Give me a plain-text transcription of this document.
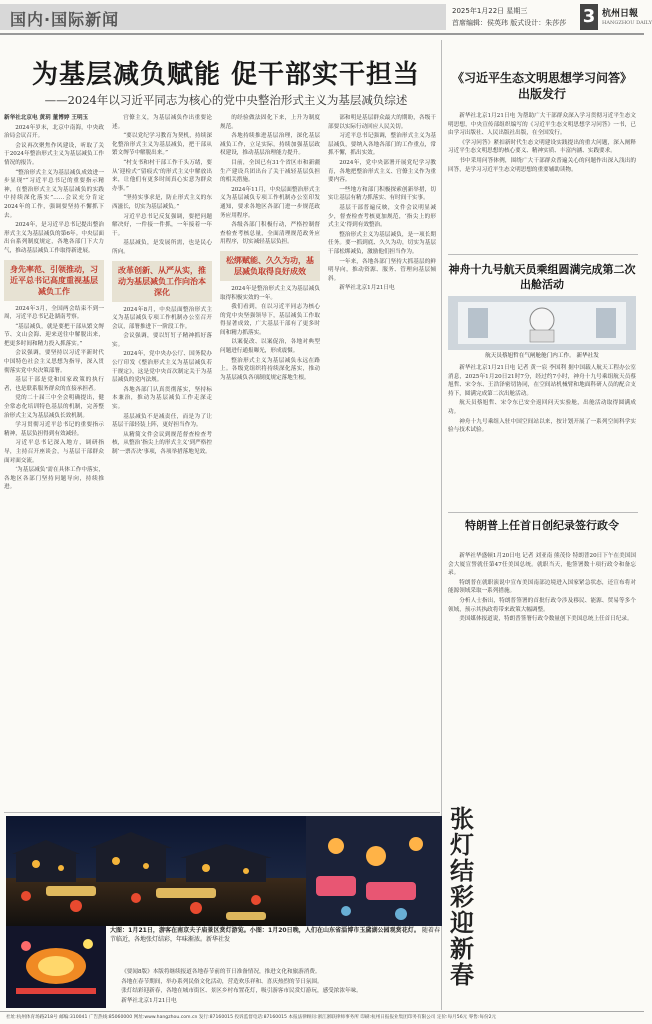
国内·国际新闻	2025年1月22日 星期三
首席编辑：侯英玮 版式设计：朱莎莎 3 杭州日報
HANGZHOU DAILY
为基层减负赋能 促干部实干担当
——2024年以习近平同志为核心的党中央整治形式主义为基层减负综述

新华社北京电 黄玥 董博婷 王明玉

2024年岁末，北京中南海，中央政治局会议召开。

会议再次聚焦作风建设，听取了关于2024年整治形式主义为基层减负工作情况的报告。

“整治形式主义为基层减负成效进一步显现”“习近平总书记的重要指示精神，在整治形式主义为基层减负的实践中持续深化落实”……会议充分肯定2024年的工作，强调要坚持不懈抓下去。

2024年，是习近平总书记提出整治形式主义为基层减负的第6年。中央层面出台系列制度规定，各地各部门下大力气，推动基层减负工作取得新进展。

身先率范、引领推动，习近平总书记高度重视基层减负工作

2024年3月，全国两会结束不到一周，习近平总书记赴湖南考察。

“基层减负，就是要把干部从繁文缛节、文山会海、迎来送往中解脱出来，把更多时间和精力投入抓落实。”

会议强调，要坚持以习近平新时代中国特色社会主义思想为指导，深入贯彻落实党中央决策部署。

基层干部是党和国家政策的执行者，也是联系服务群众的直接承担者。

党的二十届三中全会明确提出，健全常态化培训特色基层的机制，完善整治形式主义为基层减负长效机制。

学习贯彻习近平总书记的重要指示精神，基层负担得到有效减轻。

习近平总书记深入地方，调研指导，主持召开座谈会，与基层干部群众面对面交流。

‘为基层减负’需在具体工作中落实，各地区各部门坚持问题导向，持续推进。

官僚主义，为基层减负作出重要论述。

“要以党纪学习教育为契机，持续深化整治形式主义为基层减负，把干部从繁文缛节中解脱出来。”

“村支书和村干部工作千头万绪，要从‘迎检式’‘留痕式’的形式主义中解放出来，让他们有更多时间真心实意为群众办事。”

“坚持实事求是，防止形式主义的东西滋长，切实为基层减负。”

习近平总书记反复强调，要把问题解决好，一件接一件抓，一年接着一年干。

基层减负，是发展所需，也是民心所向。

改革创新、从严从实，推动为基层减负工作向治本深化

2024年8月，中央层面整治形式主义为基层减负专项工作机制办公室召开会议，部署推进下一阶段工作。

会议强调，要以钉钉子精神抓好落实。

2024年，党中央办公厅、国务院办公厅印发《整治形式主义为基层减负若干规定》，这是党中央首次制定关于为基层减负的党内法规。

各地各部门认真贯彻落实，坚持标本兼治，推动为基层减负工作走深走实。

基层减负不是减责任，而是为了让基层干部轻装上阵，更好担当作为。

从精简文件会议到规范督查检查考核，从整治‘指尖上的形式主义’到严格控制‘一票否决’事项，各项举措落地见效。

的经验做法固化下来，上升为制度规范。

各地持续推进基层治理，深化基层减负工作，立足实际，持续加强基层政权建设，推动基层治理能力提升。

目前，全国已有31个省区市和新疆生产建设兵团出台了关于减轻基层负担的相关措施。

2024年11月，中央层面整治形式主义为基层减负专项工作机制办公室印发通知，要求各地区各部门进一步规范政务应用程序。

各级各部门积极行动，严格控制督查检查考核总量，全面清理规范政务应用程序，切实减轻基层负担。

松绑赋能、久久为功，基层减负取得良好成效

2024年是整治形式主义为基层减负取得积极实效的一年。

我们看到，在以习近平同志为核心的党中央坚强领导下，基层减负工作取得显著成效，广大基层干部有了更多时间和精力抓落实。

以案促改、以案促治，各地对典型问题进行通报曝光，形成震慑。

整治形式主义为基层减负永远在路上。各级党组织将持续深化落实，推动为基层减负各项制度规定落地生根。

部和明是基层群众最大的期盼，各级干部要以实际行动回应人民关切。

习近平总书记强调，整治形式主义为基层减负，要纳入各地各部门的工作重点，常抓不懈，抓出实效。

2024年，党中央部署开展党纪学习教育，各地把整治形式主义、官僚主义作为重要内容。

一些地方和部门积极探索创新举措，切实让基层有精力抓落实、有时间干实事。

基层干部普遍反映，文件会议明显减少，督查检查考核更加规范，‘指尖上的形式主义’得到有效整治。

整治形式主义为基层减负，是一项长期任务。要一抓到底、久久为功，切实为基层干部松绑减负，激励他们担当作为。

一年来，各地各部门坚持大抓基层的鲜明导向，推动资源、服务、管理向基层倾斜。

新华社北京1月21日电

大图：1月21日，游客在南京夫子庙景区赏灯游览。小图：1月20日晚，人们在山东省淄博市玉黛湖公园观赏花灯。 随着春节临近，各地张灯结彩，年味渐浓。新华社发

《要闻8版》本版将继续报道各地春节前的节日准备情况，推进文化和旅游消费。

各地在春节期间，举办系列民俗文化活动，营造欢乐祥和、喜庆热烈的节日氛围。

张灯结彩迎新春，各地在城市街区、景区乡村布置花灯，吸引游客市民赏灯游玩，感受浓浓年味。

新华社北京1月21日电

《习近平生态文明思想学习问答》出版发行

新华社北京1月21日电 为帮助广大干部群众深入学习贯彻习近平生态文明思想，中央宣传部组织编写的《习近平生态文明思想学习问答》一书，已由学习出版社、人民出版社出版，在全国发行。

《学习问答》紧扣新时代生态文明建设实践提出的重大问题，深入阐释习近平生态文明思想的核心要义、精神实质、丰富内涵、实践要求。

书中采用问答体例，围绕广大干部群众普遍关心的问题作出深入浅出的回答，是学习习近平生态文明思想的重要辅助读物。

神舟十九号航天员乘组圆满完成第二次出舱活动
航天员蔡旭哲在气闸舱舱门内工作。 新华社发

新华社北京1月21日电 记者 黄一宸 李国利 据中国载人航天工程办公室消息，2025年1月20日21时7分，经过约7小时，神舟十九号乘组航天员蔡旭哲、宋令东、王浩泽密切协同，在空间站机械臂和地面科研人员的配合支持下，圆满完成第二次出舱活动。

航天员蔡旭哲、宋令东已安全返回问天实验舱，出舱活动取得圆满成功。

神舟十九号乘组入驻中国空间站以来，按计划开展了一系列空间科学实验与技术试验。

特朗普上任首日创纪录签行政令

新华社华盛顿1月20日电 记者 刘亚南 熊茂伶 特朗普20日下午在美国国会大厦宣誓就任第47任美国总统。就职当天，他签署数十项行政令和备忘录。

特朗普在就职演说中宣布美国南部边境进入国家紧急状态，还宣布将对能源领域采取一系列措施。

分析人士指出，特朗普签署的首批行政令涉及移民、能源、贸易等多个领域，预示其执政将带来政策大幅调整。

美国媒体报道说，特朗普签署行政令数量创下美国总统上任首日纪录。

张灯结彩迎新春
社址:杭州体育场路218号 邮编:310041 广告热线:85060000 网址:www.hangzhou.com.cn 发行:87160015 投诉监督电话:87160015 本报法律顾问:浙江浙联律师事务所 印刷:杭州日报报业集团印务有限公司 定价:每月56元 零售:每份2元
